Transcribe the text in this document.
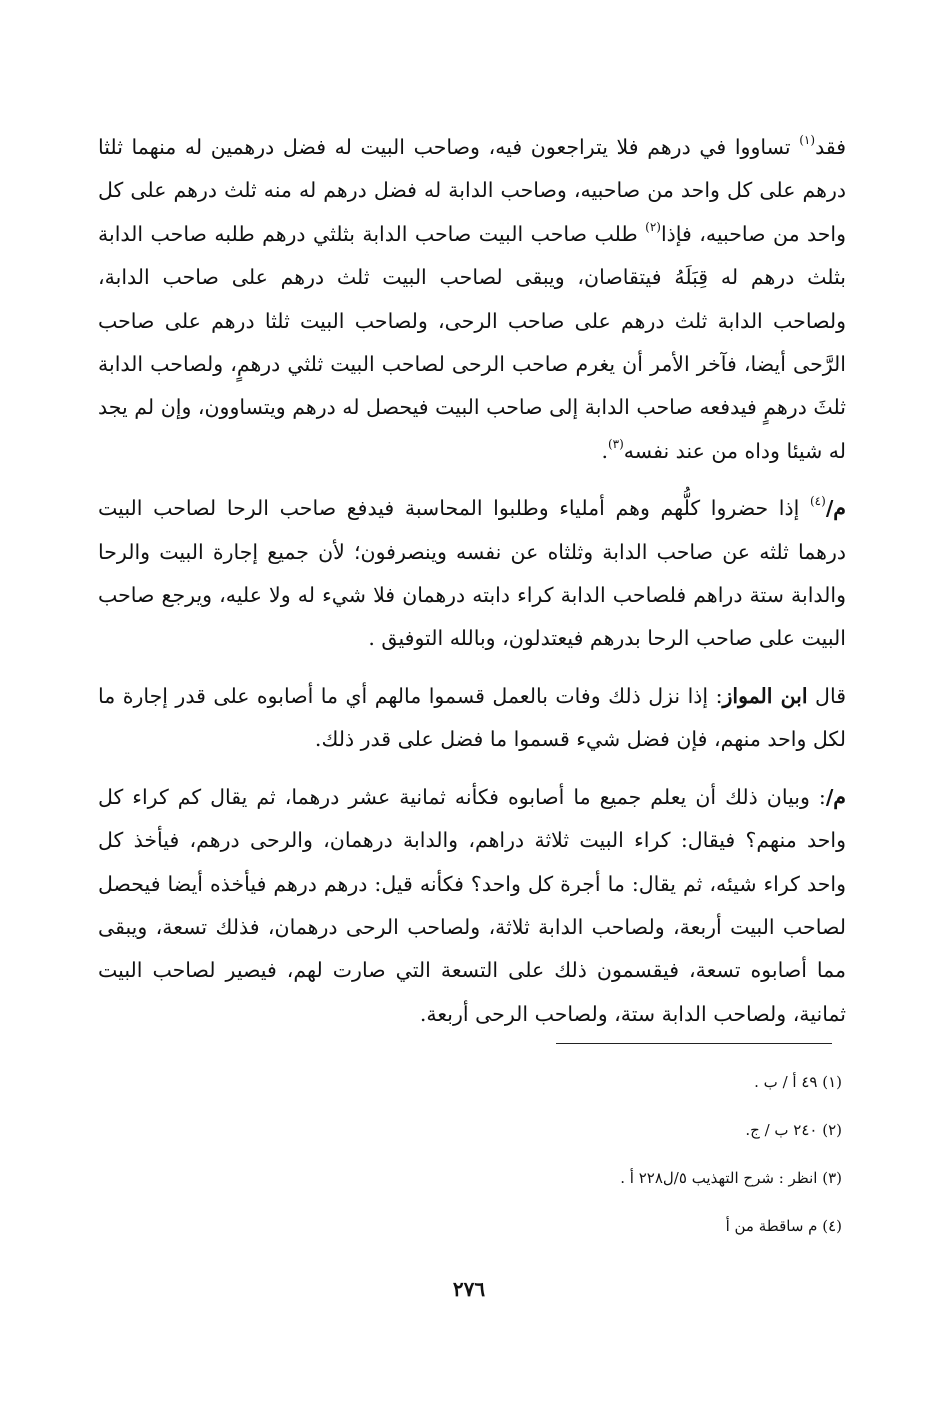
فقد$^{(١)}$ تساووا في درهم فلا يتراجعون فيه، وصاحب البيت له فضل درهمين له منهما ثلثا درهم على كل واحد من صاحبيه، وصاحب الدابة له فضل درهم له منه ثلث درهم على كل واحد من صاحبيه، فإذا$^{(٢)}$ طلب صاحب البيت صاحب الدابة بثلثي درهم طلبه صاحب الدابة بثلث درهم له قِبَلَهُ فيتقاصان، ويبقى لصاحب البيت ثلث درهم على صاحب الدابة، ولصاحب الدابة ثلث درهم على صاحب الرحى، ولصاحب البيت ثلثا درهم على صاحب الرَّحى أيضا، فآخر الأمر أن يغرم صاحب الرحى لصاحب البيت ثلثي درهمٍ، ولصاحب الدابة ثلثَ درهمٍ فيدفعه صاحب الدابة إلى صاحب البيت فيحصل له درهم ويتساوون، وإن لم يجد له شيئا وداه من عند نفسه$^{(٣)}$.

م/$^{(٤)}$ إذا حضروا كلُّهم وهم أملياء وطلبوا المحاسبة فيدفع صاحب الرحا لصاحب البيت درهما ثلثه عن صاحب الدابة وثلثاه عن نفسه وينصرفون؛ لأن جميع إجارة البيت والرحا والدابة ستة دراهم فلصاحب الدابة كراء دابته درهمان فلا شيء له ولا عليه، ويرجع صاحب البيت على صاحب الرحا بدرهم فيعتدلون، وبالله التوفيق .

قال ابن المواز: إذا نزل ذلك وفات بالعمل قسموا مالهم أي ما أصابوه على قدر إجارة ما لكل واحد منهم، فإن فضل شيء قسموا ما فضل على قدر ذلك.

م/: وبيان ذلك أن يعلم جميع ما أصابوه فكأنه ثمانية عشر درهما، ثم يقال كم كراء كل واحد منهم؟ فيقال: كراء البيت ثلاثة دراهم، والدابة درهمان، والرحى درهم، فيأخذ كل واحد كراء شيئه، ثم يقال: ما أجرة كل واحد؟ فكأنه قيل: درهم درهم فيأخذه أيضا فيحصل لصاحب البيت أربعة، ولصاحب الدابة ثلاثة، ولصاحب الرحى درهمان، فذلك تسعة، ويبقى مما أصابوه تسعة، فيقسمون ذلك على التسعة التي صارت لهم، فيصير لصاحب البيت ثمانية، ولصاحب الدابة ستة، ولصاحب الرحى أربعة.

(١) ٤٩ أ / ب .
(٢) ٢٤٠ ب / ج.
(٣) انظر : شرح التهذيب ٥/ل٢٢٨ أ .
(٤) م ساقطة من أ
٢٧٦
